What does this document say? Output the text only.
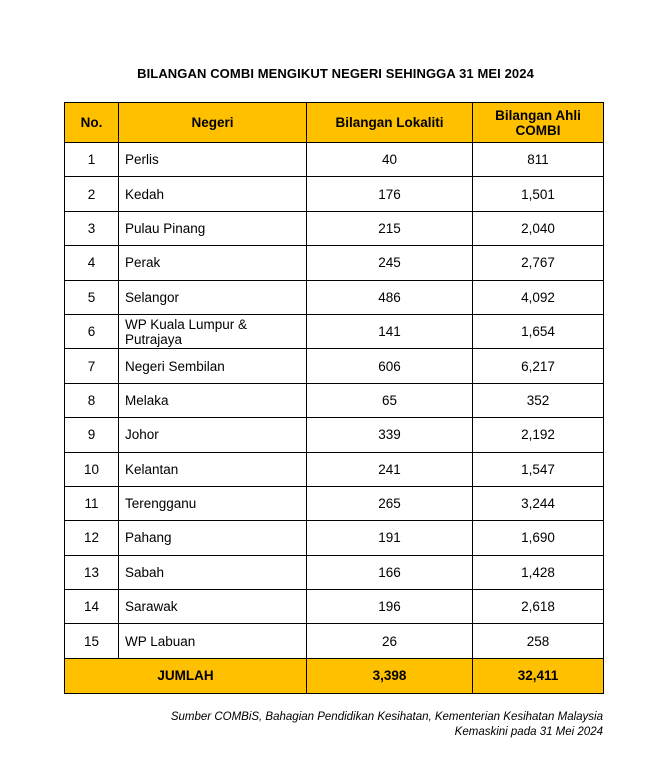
BILANGAN COMBI MENGIKUT NEGERI SEHINGGA 31 MEI 2024
No.	Negeri	Bilangan Lokaliti	Bilangan Ahli COMBI
1	Perlis	40	811
2	Kedah	176	1,501
3	Pulau Pinang	215	2,040
4	Perak	245	2,767
5	Selangor	486	4,092
6	WP Kuala Lumpur & Putrajaya	141	1,654
7	Negeri Sembilan	606	6,217
8	Melaka	65	352
9	Johor	339	2,192
10	Kelantan	241	1,547
11	Terengganu	265	3,244
12	Pahang	191	1,690
13	Sabah	166	1,428
14	Sarawak	196	2,618
15	WP Labuan	26	258
JUMLAH		3,398	32,411
Sumber COMBiS, Bahagian Pendidikan Kesihatan, Kementerian Kesihatan Malaysia
Kemaskini pada 31 Mei 2024
